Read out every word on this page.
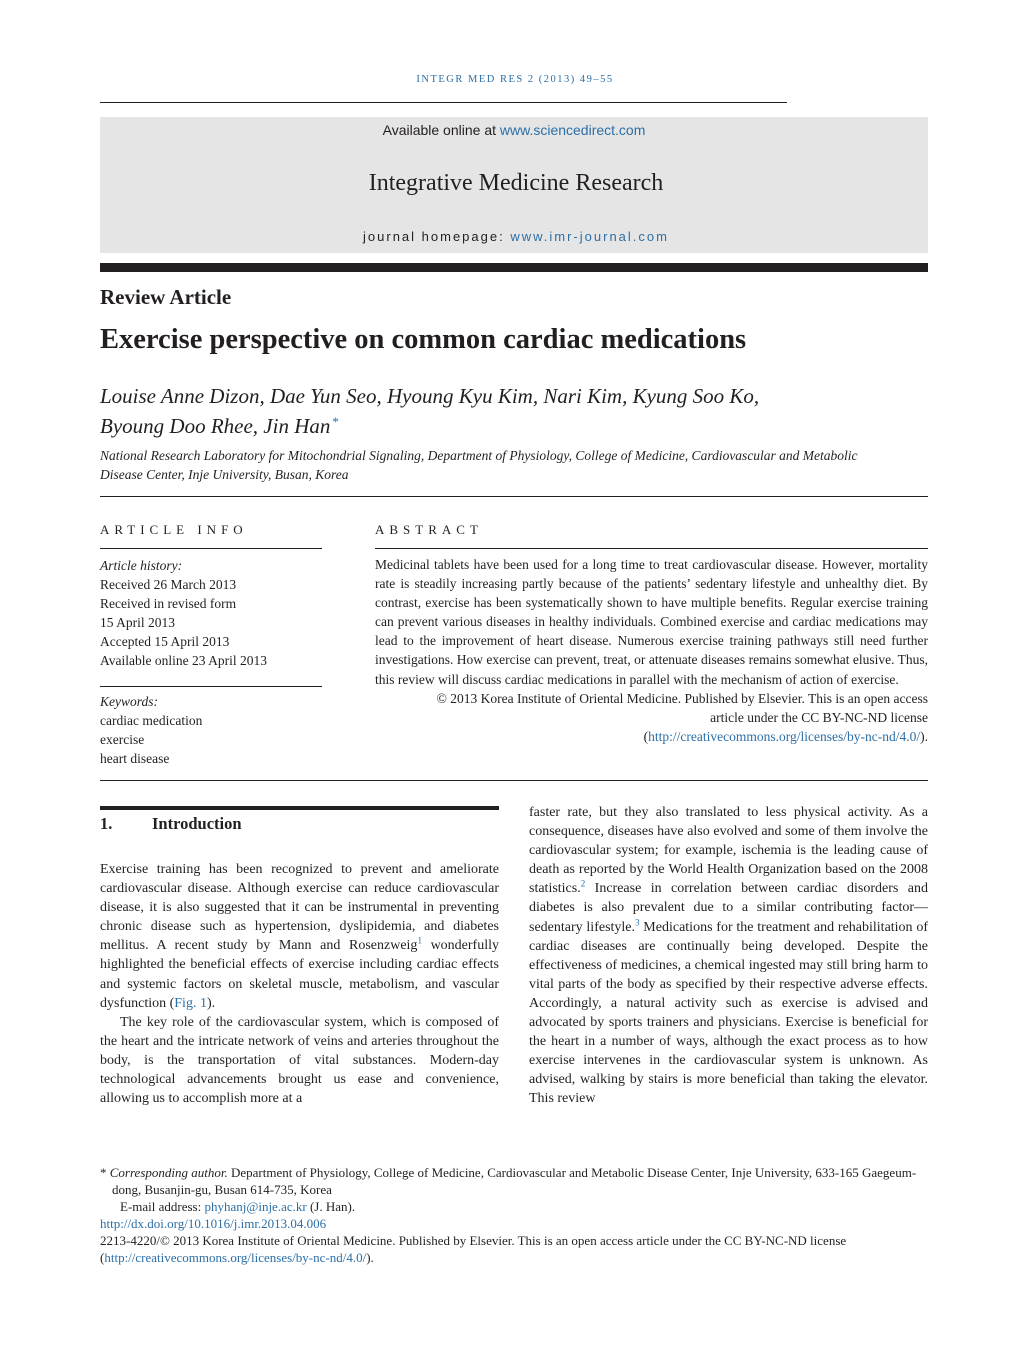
INTEGR MED RES 2 (2013) 49–55
Available online at www.sciencedirect.com
Integrative Medicine Research
journal homepage: www.imr-journal.com
Review Article
Exercise perspective on common cardiac medications
Louise Anne Dizon, Dae Yun Seo, Hyoung Kyu Kim, Nari Kim, Kyung Soo Ko,
Byoung Doo Rhee, Jin Han *
National Research Laboratory for Mitochondrial Signaling, Department of Physiology, College of Medicine, Cardiovascular and Metabolic
Disease Center, Inje University, Busan, Korea
ARTICLE INFO
Article history:
Received 26 March 2013
Received in revised form
15 April 2013
Accepted 15 April 2013
Available online 23 April 2013
Keywords:
cardiac medication
exercise
heart disease
ABSTRACT

Medicinal tablets have been used for a long time to treat cardiovascular disease. However, mortality rate is steadily increasing partly because of the patients’ sedentary lifestyle and unhealthy diet. By contrast, exercise has been systematically shown to have multiple benefits. Regular exercise training can prevent various diseases in healthy individuals. Combined exercise and cardiac medications may lead to the improvement of heart disease. Numerous exercise training pathways still need further investigations. How exercise can prevent, treat, or attenuate diseases remains somewhat elusive. Thus, this review will discuss cardiac medications in parallel with the mechanism of action of exercise.

© 2013 Korea Institute of Oriental Medicine. Published by Elsevier. This is an open access
article under the CC BY-NC-ND license
(http://creativecommons.org/licenses/by-nc-nd/4.0/).
1. Introduction

Exercise training has been recognized to prevent and ameliorate cardiovascular disease. Although exercise can reduce cardiovascular disease, it is also suggested that it can be instrumental in preventing chronic disease such as hypertension, dyslipidemia, and diabetes mellitus. A recent study by Mann and Rosenzweig$^1$ wonderfully highlighted the beneficial effects of exercise including cardiac effects and systemic factors on skeletal muscle, metabolism, and vascular dysfunction (Fig. 1).

The key role of the cardiovascular system, which is composed of the heart and the intricate network of veins and arteries throughout the body, is the transportation of vital substances. Modern-day technological advancements brought us ease and convenience, allowing us to accomplish more at a

faster rate, but they also translated to less physical activity. As a consequence, diseases have also evolved and some of them involve the cardiovascular system; for example, ischemia is the leading cause of death as reported by the World Health Organization based on the 2008 statistics.$^2$ Increase in correlation between cardiac disorders and diabetes is also prevalent due to a similar contributing factor—sedentary lifestyle.$^3$ Medications for the treatment and rehabilitation of cardiac diseases are continually being developed. Despite the effectiveness of medicines, a chemical ingested may still bring harm to vital parts of the body as specified by their respective adverse effects. Accordingly, a natural activity such as exercise is advised and advocated by sports trainers and physicians. Exercise is beneficial for the heart in a number of ways, although the exact process as to how exercise intervenes in the cardiovascular system is unknown. As advised, walking by stairs is more beneficial than taking the elevator. This review

* Corresponding author. Department of Physiology, College of Medicine, Cardiovascular and Metabolic Disease Center, Inje University, 633-165 Gaegeum-dong, Busanjin-gu, Busan 614-735, Korea

E-mail address: phyhanj@inje.ac.kr (J. Han).

http://dx.doi.org/10.1016/j.imr.2013.04.006

2213-4220/© 2013 Korea Institute of Oriental Medicine. Published by Elsevier. This is an open access article under the CC BY-NC-ND license

(http://creativecommons.org/licenses/by-nc-nd/4.0/).
